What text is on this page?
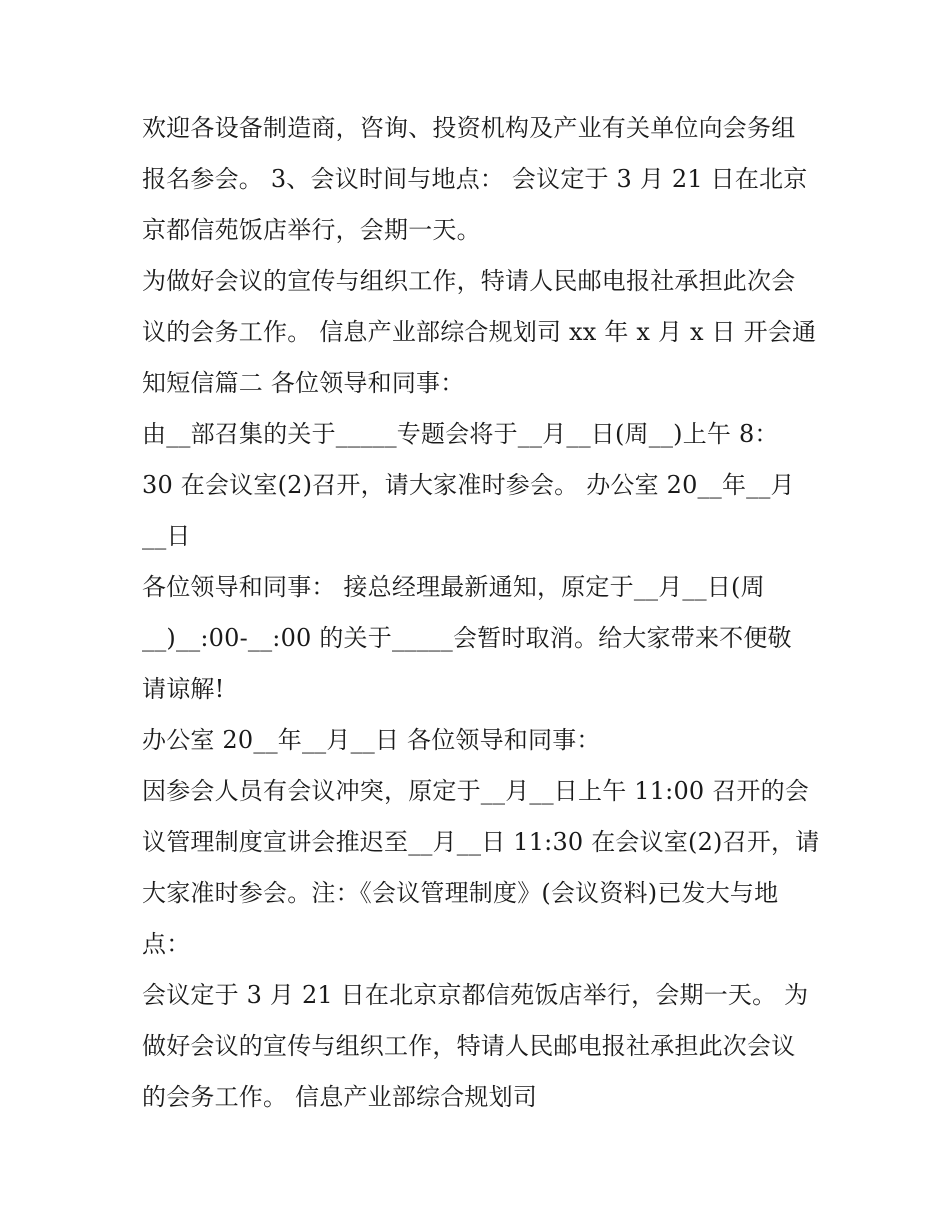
欢迎各设备制造商，咨询、投资机构及产业有关单位向会务组
报名参会。 3、会议时间与地点： 会议定于 3 月 21 日在北京
京都信苑饭店举行，会期一天。
为做好会议的宣传与组织工作，特请人民邮电报社承担此次会
议的会务工作。 信息产业部综合规划司 xx 年 x 月 x 日 开会通
知短信篇二 各位领导和同事：
由__部召集的关于_____专题会将于__月__日(周__)上午 8：
30 在会议室(2)召开，请大家准时参会。 办公室 20__年__月
__日
各位领导和同事： 接总经理最新通知，原定于__月__日(周
__)__:00-__:00 的关于_____会暂时取消。给大家带来不便敬
请谅解!
办公室 20__年__月__日 各位领导和同事：
因参会人员有会议冲突，原定于__月__日上午 11:00 召开的会
议管理制度宣讲会推迟至__月__日 11:30 在会议室(2)召开，请
大家准时参会。注：《会议管理制度》(会议资料)已发大与地
点：
会议定于 3 月 21 日在北京京都信苑饭店举行，会期一天。 为
做好会议的宣传与组织工作，特请人民邮电报社承担此次会议
的会务工作。 信息产业部综合规划司
